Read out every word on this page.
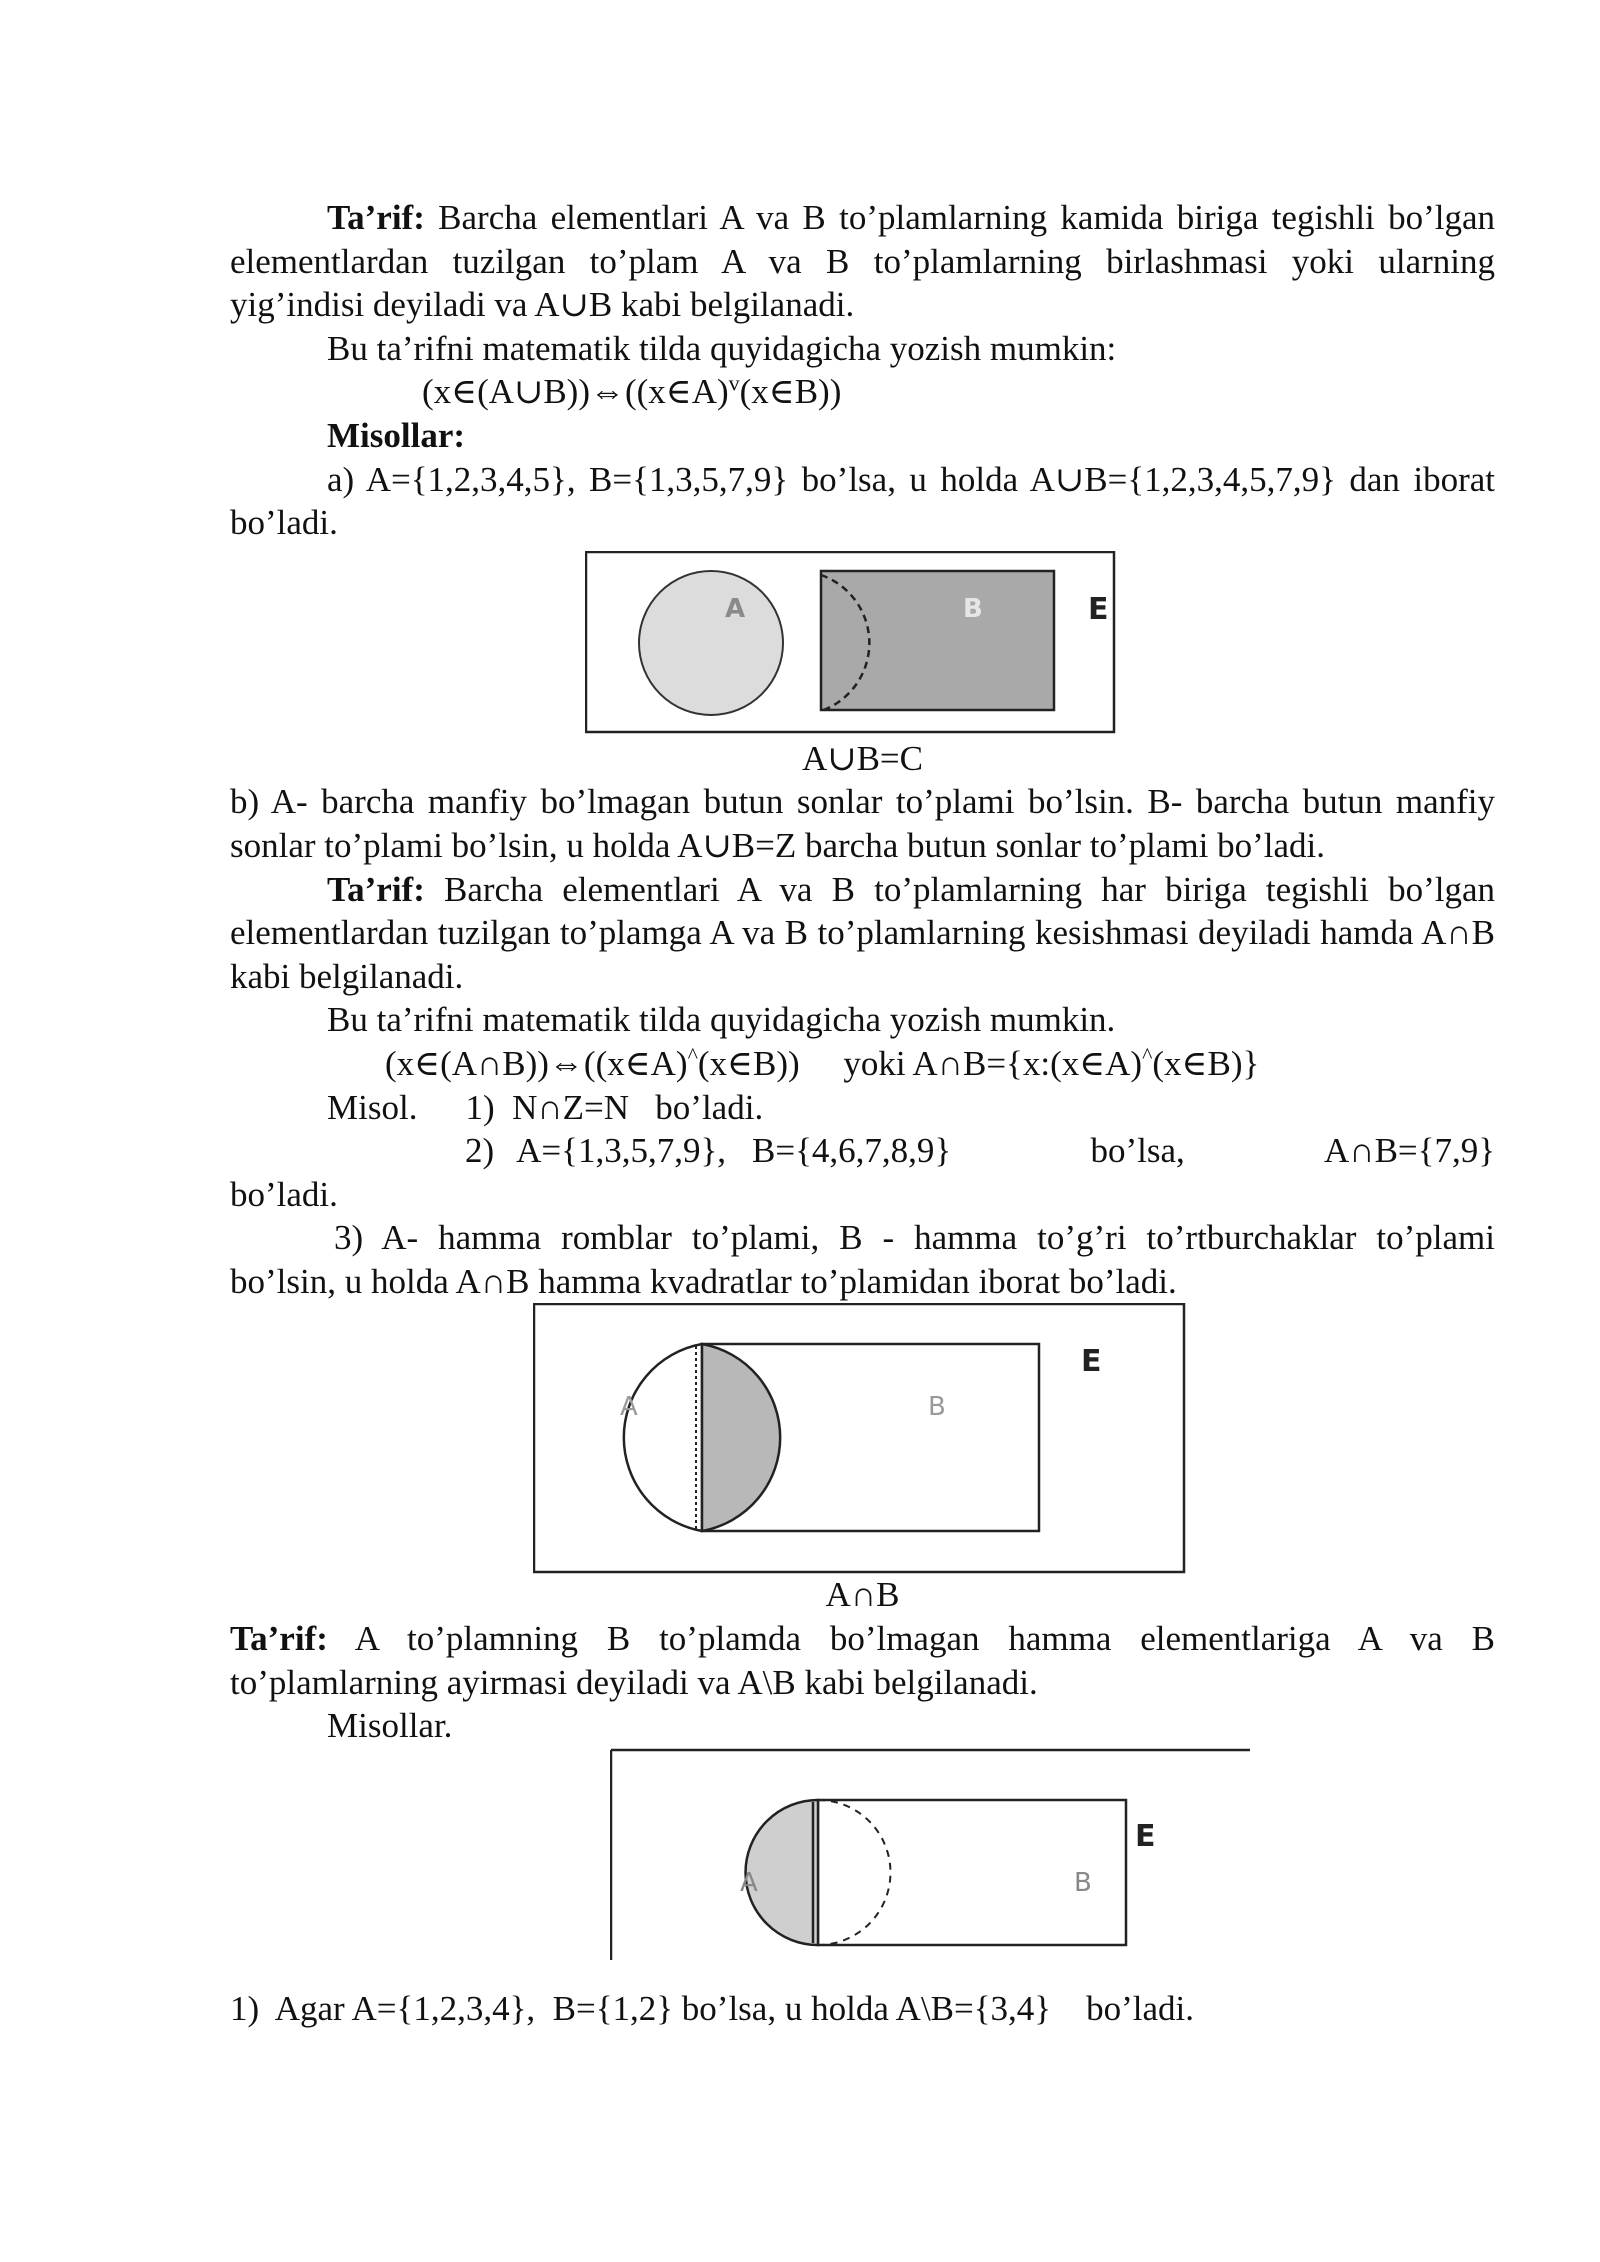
Ta’rif: Barcha elementlari A va B to’plamlarning kamida biriga tegishli bo’lgan elementlardan tuzilgan to’plam A va B to’plamlarning birlashmasi yoki ularning yig’indisi deyiladi va A∪B kabi belgilanadi.

Bu ta’rifni matematik tilda quyidagicha yozish mumkin:

(x∈(A∪B))⇔((x∈A)$^v$(x∈B))

Misollar:

a) A={1,2,3,4,5}, B={1,3,5,7,9} bo’lsa, u holda A∪B={1,2,3,4,5,7,9} dan iborat bo’ladi.

A	B	E

A∪B=C

b) A- barcha manfiy bo’lmagan butun sonlar to’plami bo’lsin. B- barcha butun manfiy sonlar to’plami bo’lsin, u holda A∪B=Z barcha butun sonlar to’plami bo’ladi.

Ta’rif: Barcha elementlari A va B to’plamlarning har biriga tegishli bo’lgan elementlardan tuzilgan to’plamga A va B to’plamlarning kesishmasi deyiladi hamda A∩B kabi belgilanadi.

Bu ta’rifni matematik tilda quyidagicha yozish mumkin.

(x∈(A∩B))⇔((x∈A)^(x∈B))     yoki A∩B={x:(x∈A)^(x∈B)}

Misol. 1)  N∩Z=N   bo’ladi.

2) A={1,3,5,7,9}, B={4,6,7,8,9}	bo’lsa,	A∩B={7,9}

bo’ladi.

3) A- hamma romblar to’plami, B - hamma to’g’ri to’rtburchaklar to’plami bo’lsin, u holda A∩B hamma kvadratlar to’plamidan iborat bo’ladi.

A	B
E

A∩B

Ta’rif: A to’plamning B to’plamda bo’lmagan hamma elementlariga A va B to’plamlarning ayirmasi deyiladi va A\B kabi belgilanadi.

Misollar.

A	B
E

1)  Agar A={1,2,3,4},  B={1,2} bo’lsa, u holda A\B={3,4}    bo’ladi.
